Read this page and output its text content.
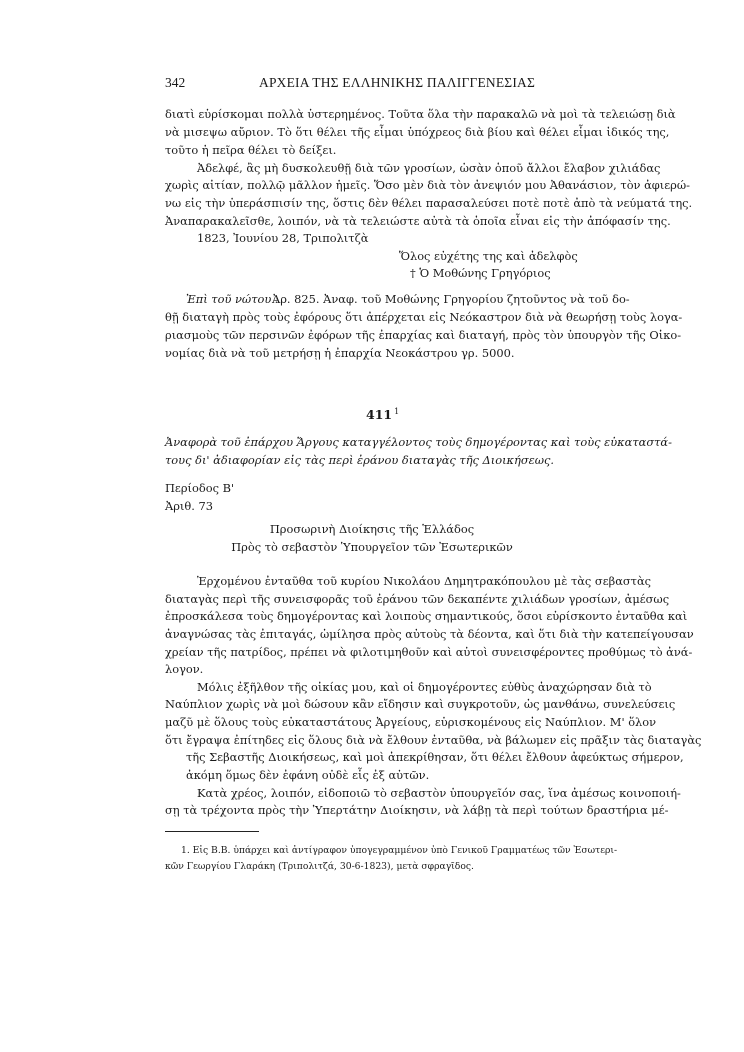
342	ΑΡΧΕΙΑ ΤΗΣ ΕΛΛΗΝΙΚΗΣ ΠΑΛΙΓΓΕΝΕΣΙΑΣ
διατὶ εὑρίσκομαι πολλὰ ὑστερημένος. Τοῦτα ὅλα τὴν παρακαλῶ νὰ μοὶ τὰ τελειώσῃ διὰ
νὰ μισεψω αὔριον. Τὸ ὅτι θέλει τῆς εἶμαι ὑπόχρεος διὰ βίου καὶ θέλει εἶμαι ἰδικός της,
τοῦτο ἡ πεῖρα θέλει τὸ δείξει.
Ἀδελφέ, ἂς μὴ δυσκολευθῇ διὰ τῶν γροσίων, ὡσὰν ὁποῦ ἄλλοι ἔλαβον χιλιάδας
χωρὶς αἰτίαν, πολλῷ μᾶλλον ἡμεῖς. Ὅσο μὲν διὰ τὸν ἀνεψιόν μου Ἀθανάσιον, τὸν ἀφιερώ-
νω εἰς τὴν ὑπεράσπισίν της, ὅστις δὲν θέλει παρασαλεύσει ποτὲ ποτὲ ἀπὸ τὰ νεύματά της.
Ἀναπαρακαλεῖσθε, λοιπόν, νὰ τὰ τελειώστε αὐτὰ τὰ ὁποῖα εἶναι εἰς τὴν ἀπόφασίν της.
1823, Ἰουνίου 28, Τριπολιτζὰ
Ὅλος εὐχέτης της καὶ ἀδελφὸς
† Ὁ Μοθώνης Γρηγόριος
Ἐπὶ τοῦ νώτου :
Ἀρ. 825. Ἀναφ. τοῦ Μοθώνης Γρηγορίου ζητοῦντος νὰ τοῦ δο-
θῇ διαταγὴ πρὸς τοὺς ἐφόρους ὅτι ἀπέρχεται εἰς Νεόκαστρον διὰ νὰ θεωρήσῃ τοὺς λογα-
ριασμοὺς τῶν περσινῶν ἐφόρων τῆς ἐπαρχίας καὶ διαταγή, πρὸς τὸν ὑπουργὸν τῆς Οἰκο-
νομίας διὰ νὰ τοῦ μετρήσῃ ἡ ἐπαρχία Νεοκάστρου γρ. 5000.
411 $^1$
Ἀναφορὰ τοῦ ἐπάρχου Ἄργους καταγγέλοντος τοὺς δημογέροντας καὶ τοὺς εὐκαταστά-
τους δι' ἀδιαφορίαν εἰς τὰς περὶ ἐράνου διαταγὰς τῆς Διοικήσεως.
Περίοδος Β'
Ἀριθ. 73
Προσωρινὴ Διοίκησις τῆς Ἑλλάδος
Πρὸς τὸ σεβαστὸν Ὑπουργεῖον τῶν Ἐσωτερικῶν
Ἐρχομένου ἐνταῦθα τοῦ κυρίου Νικολάου Δημητρακόπουλου μὲ τὰς σεβαστὰς
διαταγὰς περὶ τῆς συνεισφορᾶς τοῦ ἐράνου τῶν δεκαπέντε χιλιάδων γροσίων, ἀμέσως
ἐπροσκάλεσα τοὺς δημογέροντας καὶ λοιποὺς σημαντικούς, ὅσοι εὑρίσκοντο ἐνταῦθα καὶ
ἀναγνώσας τὰς ἐπιταγάς, ὡμίλησα πρὸς αὐτοὺς τὰ δέοντα, καὶ ὅτι διὰ τὴν κατεπείγουσαν
χρείαν τῆς πατρίδος, πρέπει νὰ φιλοτιμηθοῦν καὶ αὐτοὶ συνεισφέροντες προθύμως τὸ ἀνά-
λογον.
Μόλις ἐξῆλθον τῆς οἰκίας μου, καὶ οἱ δημογέροντες εὐθὺς ἀναχώρησαν διὰ τὸ
Ναύπλιον χωρὶς νὰ μοὶ δώσουν κἂν εἴδησιν καὶ συγκροτοῦν, ὡς μανθάνω, συνελεύσεις
μαζῦ μὲ ὅλους τοὺς εὐκαταστάτους Ἀργείους, εὑρισκομένους εἰς Ναύπλιον. Μ' ὅλον
ὅτι ἔγραψα ἐπίτηδες εἰς ὅλους διὰ νὰ ἔλθουν ἐνταῦθα, νὰ βάλωμεν εἰς πρᾶξιν τὰς διαταγὰς
τῆς Σεβαστῆς Διοικήσεως, καὶ μοὶ ἀπεκρίθησαν, ὅτι θέλει ἔλθουν ἀφεύκτως σήμερον,
ἀκόμη ὅμως δὲν ἐφάνη οὐδὲ εἷς ἐξ αὐτῶν.
Κατὰ χρέος, λοιπόν, εἰδοποιῶ τὸ σεβαστὸν ὑπουργεῖόν σας, ἵνα ἀμέσως κοινοποιή-
σῃ τὰ τρέχοντα πρὸς τὴν Ὑπερτάτην Διοίκησιν, νὰ λάβῃ τὰ περὶ τούτων δραστήρια μέ-
1. Εἰς Β.Β. ὑπάρχει καὶ ἀντίγραφον ὑπογεγραμμένον ὑπὸ Γενικοῦ Γραμματέως τῶν Ἐσωτερι-
κῶν Γεωργίου Γλαράκη (Τριπολιτζά, 30-6-1823), μετὰ σφραγῖδος.
